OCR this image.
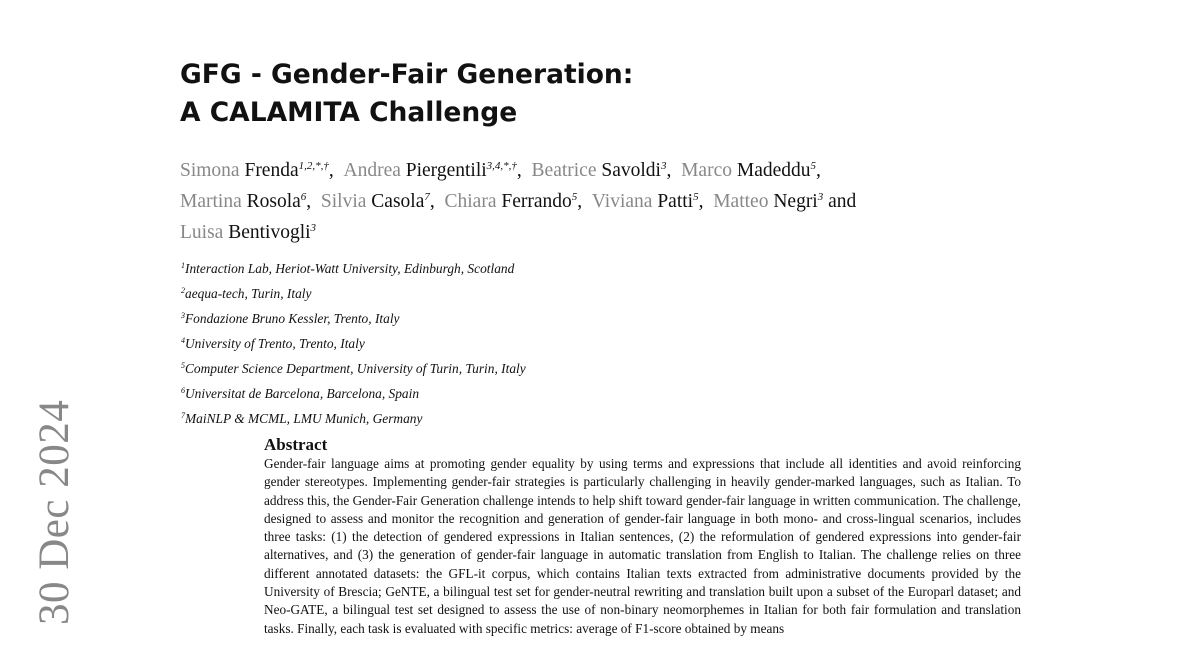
30 Dec 2024
GFG - Gender-Fair Generation:
A CALAMITA Challenge
Simona Frenda$^{1,2,*,\dagger}$,  Andrea Piergentili$^{3,4,*,\dagger}$,  Beatrice Savoldi$^3$,  Marco Madeddu$^5$,
Martina Rosola$^6$,  Silvia Casola$^7$,  Chiara Ferrando$^5$,  Viviana Patti$^5$,  Matteo Negri$^3$ and
Luisa Bentivogli$^3$
$^1$Interaction Lab, Heriot-Watt University, Edinburgh, Scotland
$^2$aequa-tech, Turin, Italy
$^3$Fondazione Bruno Kessler, Trento, Italy
$^4$University of Trento, Trento, Italy
$^5$Computer Science Department, University of Turin, Turin, Italy
$^6$Universitat de Barcelona, Barcelona, Spain
$^7$MaiNLP & MCML, LMU Munich, Germany
Abstract
Gender-fair language aims at promoting gender equality by using terms and expressions that include all identities and avoid reinforcing gender stereotypes. Implementing gender-fair strategies is particularly challenging in heavily gender-marked languages, such as Italian. To address this, the Gender-Fair Generation challenge intends to help shift toward gender-fair language in written communication. The challenge, designed to assess and monitor the recognition and generation of gender-fair language in both mono- and cross-lingual scenarios, includes three tasks: (1) the detection of gendered expressions in Italian sentences, (2) the reformulation of gendered expressions into gender-fair alternatives, and (3) the generation of gender-fair language in automatic translation from English to Italian. The challenge relies on three different annotated datasets: the GFL-it corpus, which contains Italian texts extracted from administrative documents provided by the University of Brescia; GeNTE, a bilingual test set for gender-neutral rewriting and translation built upon a subset of the Europarl dataset; and Neo-GATE, a bilingual test set designed to assess the use of non-binary neomorphemes in Italian for both fair formulation and translation tasks. Finally, each task is evaluated with specific metrics: average of F1-score obtained by means
